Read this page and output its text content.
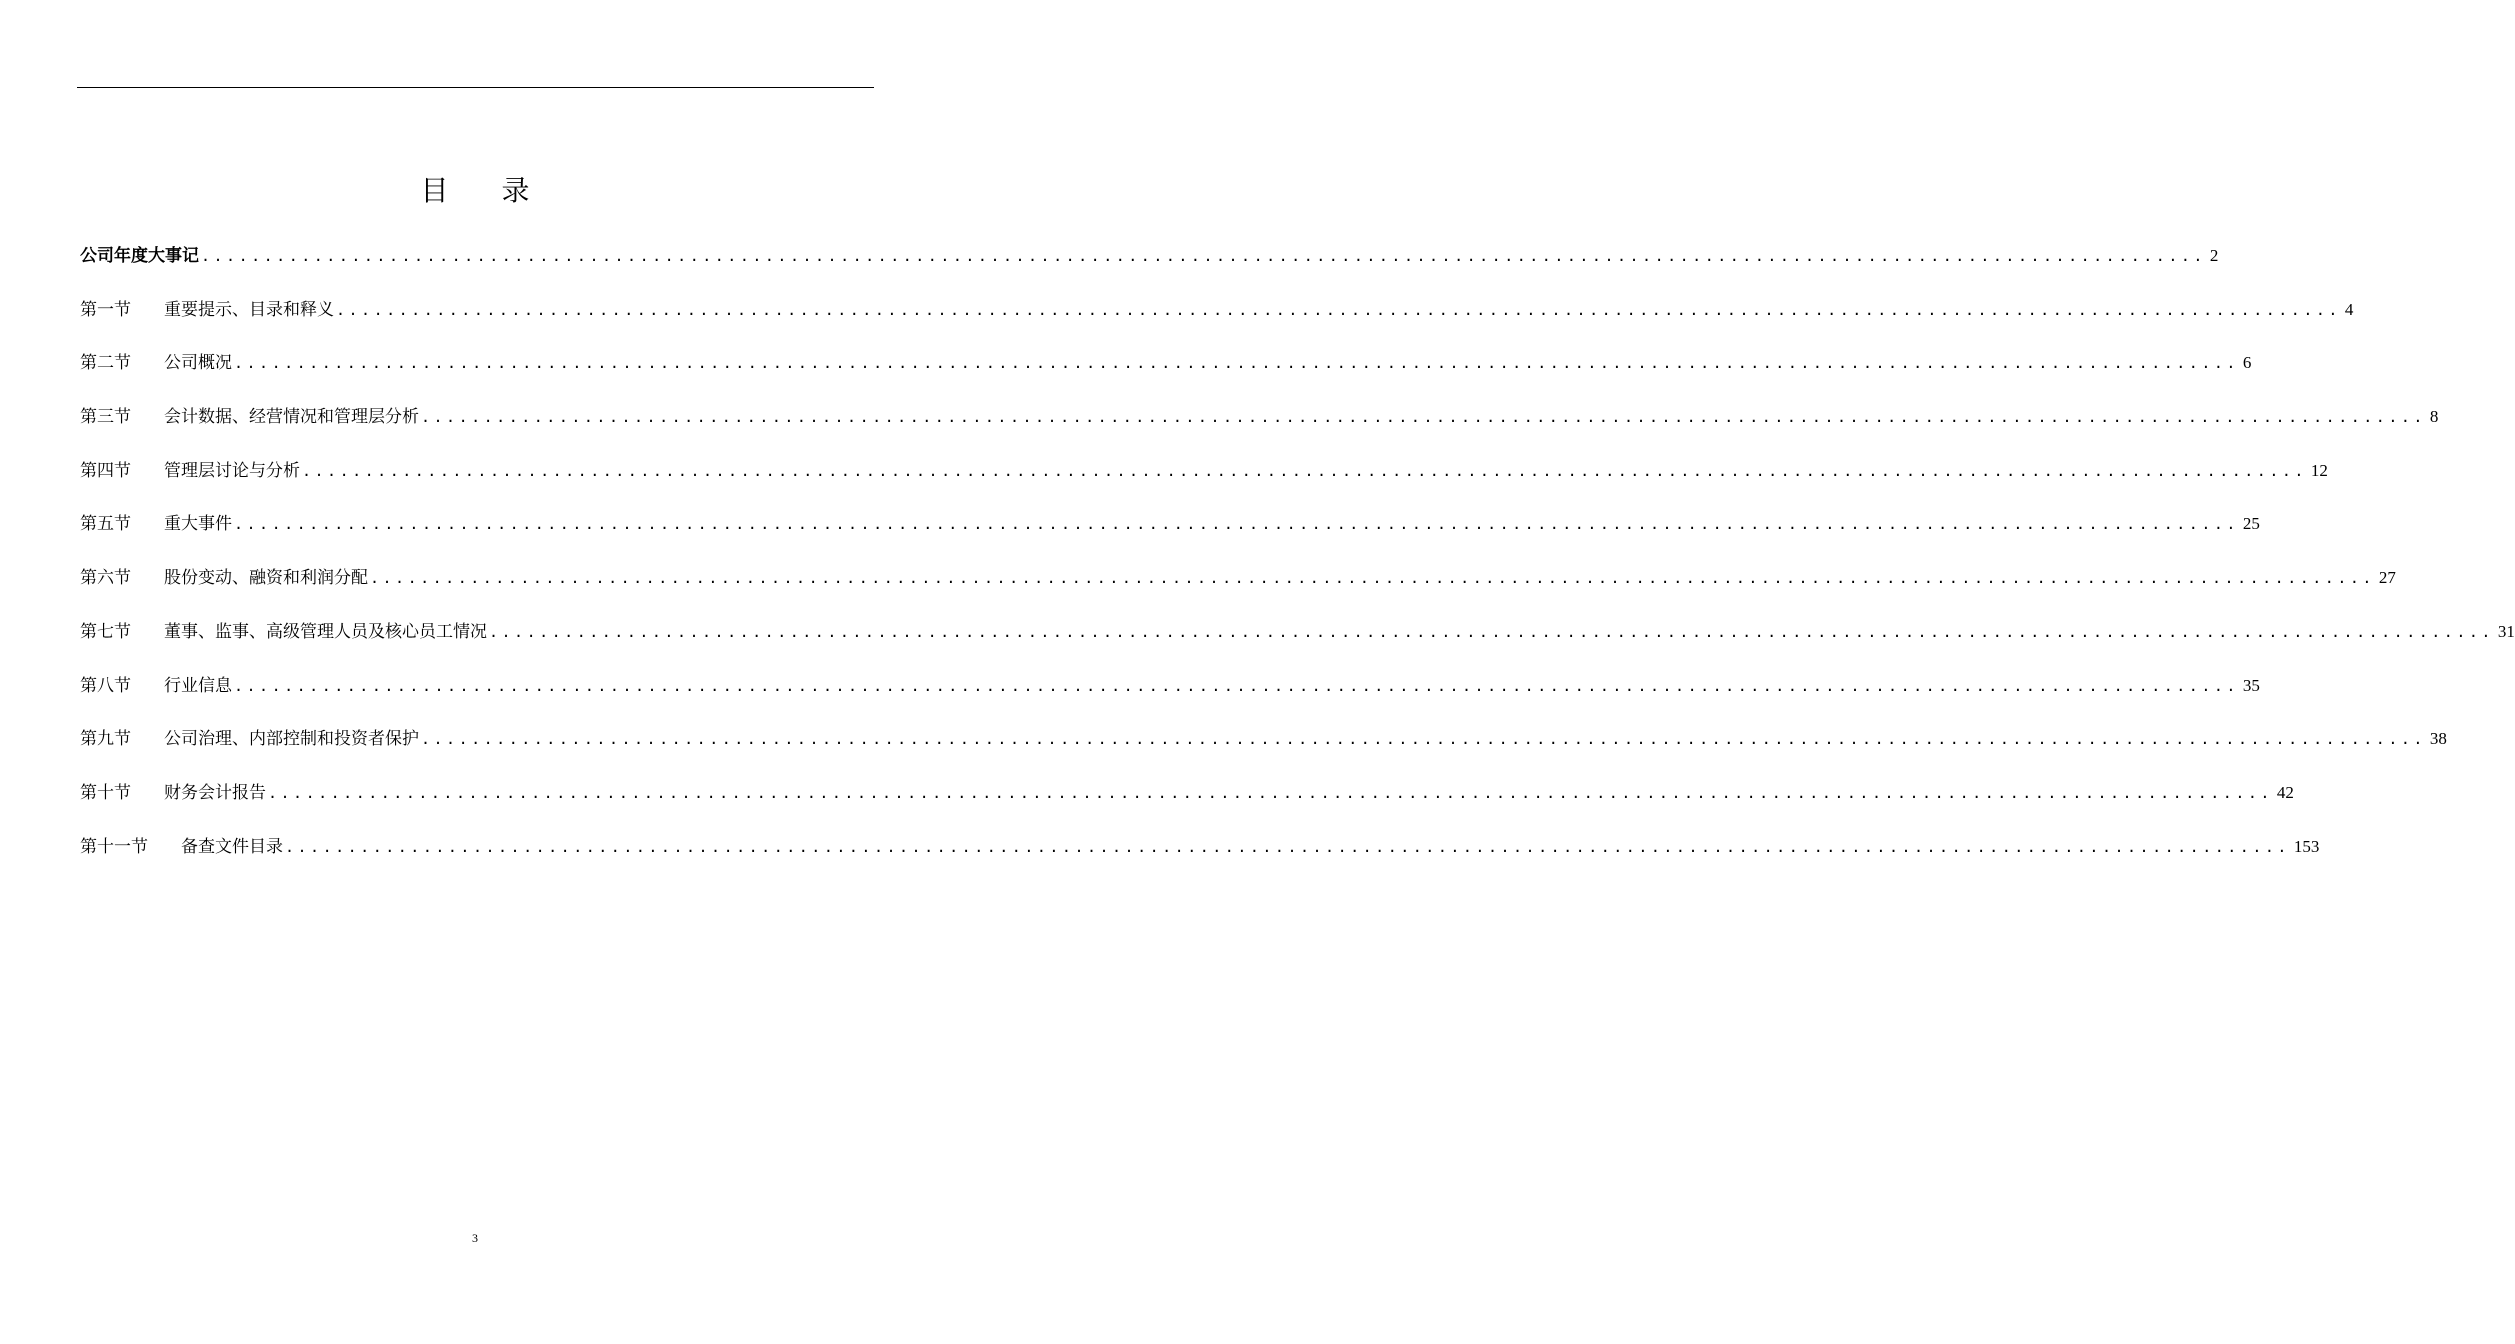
目 录
公司年度大事记 ................................................................................................................................................................ 2
第一节	重要提示、目录和释义 ................................................................................................................................................................ 4
第二节	公司概况 ................................................................................................................................................................ 6
第三节	会计数据、经营情况和管理层分析 ................................................................................................................................................................ 8
第四节	管理层讨论与分析 ................................................................................................................................................................ 12
第五节	重大事件 ................................................................................................................................................................ 25
第六节	股份变动、融资和利润分配 ................................................................................................................................................................ 27
第七节	董事、监事、高级管理人员及核心员工情况 ................................................................................................................................................................ 31
第八节	行业信息 ................................................................................................................................................................ 35
第九节	公司治理、内部控制和投资者保护 ................................................................................................................................................................ 38
第十节	财务会计报告 ................................................................................................................................................................ 42
第十一节	备查文件目录 ................................................................................................................................................................ 153
3
